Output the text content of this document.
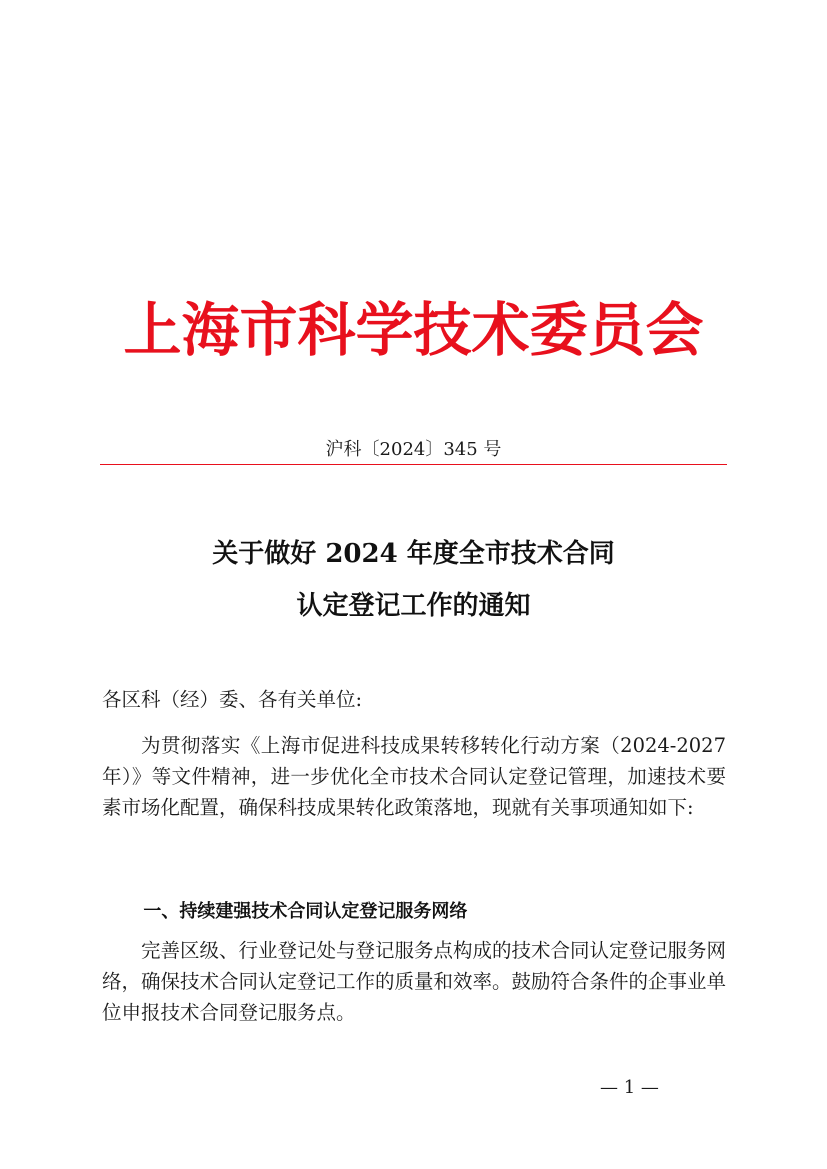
上海市科学技术委员会
沪科〔2024〕345 号
关于做好 2024 年度全市技术合同
认定登记工作的通知
各区科（经）委、各有关单位:
为贯彻落实《上海市促进科技成果转移转化行动方案（2024-2027 年）》等文件精神，进一步优化全市技术合同认定登记管理，加速技术要素市场化配置，确保科技成果转化政策落地，现就有关事项通知如下:
一、持续建强技术合同认定登记服务网络
完善区级、行业登记处与登记服务点构成的技术合同认定登记服务网络，确保技术合同认定登记工作的质量和效率。鼓励符合条件的企事业单位申报技术合同登记服务点。
— 1 —
